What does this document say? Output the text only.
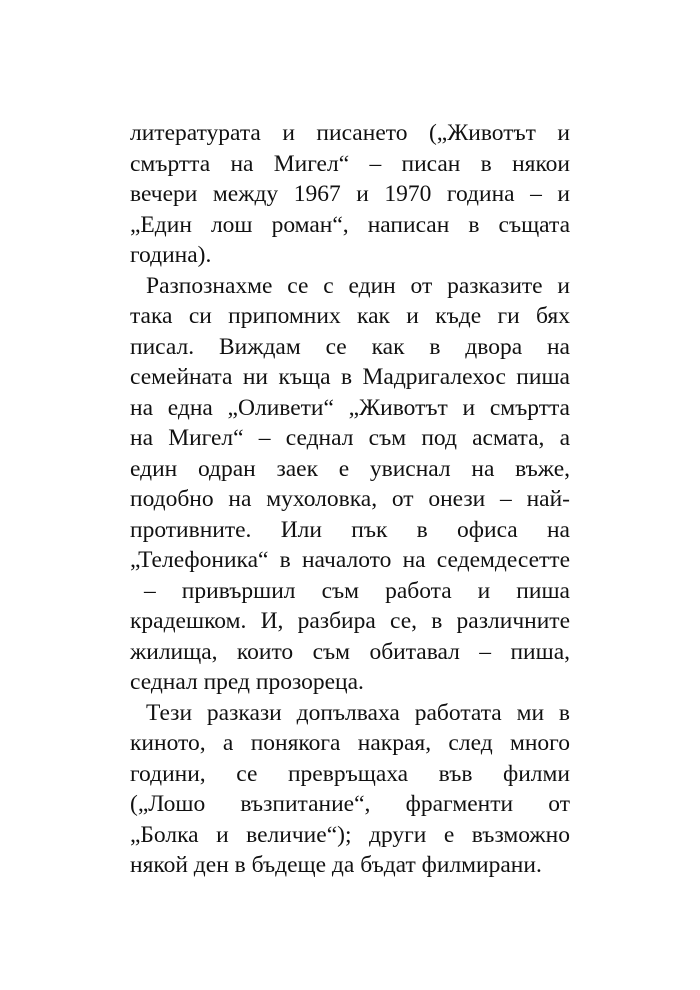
литературата и писането („Животът и
смъртта на Мигел“ – писан в някои
вечери между 1967 и 1970 година – и
„Един лош роман“, написан в същата
година).
Разпознахме се с един от разказите и
така си припомних как и къде ги бях
писал. Виждам се как в двора на
семейната ни къща в Мадригалехос пиша
на една „Оливети“ „Животът и смъртта
на Мигел“ – седнал съм под асмата, а
един одран заек е увиснал на въже,
подобно на мухоловка, от онези – най-
противните. Или пък в офиса на
„Телефоника“ в началото на седемдесетте
– привършил съм работа и пиша
крадешком. И, разбира се, в различните
жилища, които съм обитавал – пиша,
седнал пред прозореца.
Тези разкази допълваха работата ми в
киното, а понякога накрая, след много
години, се превръщаха във филми
(„Лошо възпитание“, фрагменти от
„Болка и величие“); други е възможно
някой ден в бъдеще да бъдат филмирани.
